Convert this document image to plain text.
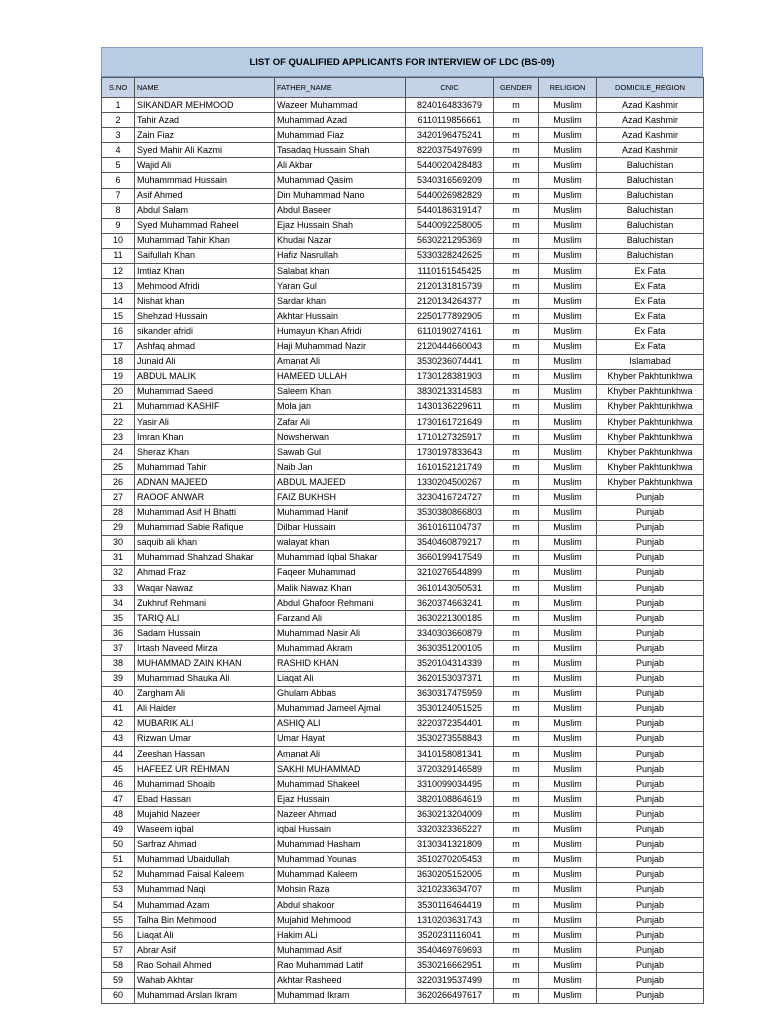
LIST OF QUALIFIED APPLICANTS FOR INTERVIEW OF LDC (BS-09)
S.NO	NAME	FATHER_NAME	CNIC	GENDER	RELIGION	DOMICILE_REGION
1	SIKANDAR MEHMOOD	Wazeer Muhammad	8240164833679	m	Muslim	Azad Kashmir
2	Tahir Azad	Muhammad Azad	6110119856661	m	Muslim	Azad Kashmir
3	Zain Fiaz	Muhammad Fiaz	3420196475241	m	Muslim	Azad Kashmir
4	Syed Mahir Ali Kazmi	Tasadaq Hussain Shah	8220375497699	m	Muslim	Azad Kashmir
5	Wajid Ali	Ali Akbar	5440020428483	m	Muslim	Baluchistan
6	Muhammmad Hussain	Muhammad Qasim	5340316569209	m	Muslim	Baluchistan
7	Asif Ahmed	Din Muhammad Nano	5440026982829	m	Muslim	Baluchistan
8	Abdul Salam	Abdul Baseer	5440186319147	m	Muslim	Baluchistan
9	Syed Muhammad Raheel	Ejaz Hussain Shah	5440092258005	m	Muslim	Baluchistan
10	Muhammad Tahir Khan	Khudai Nazar	5630221295369	m	Muslim	Baluchistan
11	Saifullah Khan	Hafiz Nasrullah	5330328242625	m	Muslim	Baluchistan
12	Imtiaz Khan	Salabat khan	1110151545425	m	Muslim	Ex Fata
13	Mehmood Afridi	Yaran Gul	2120131815739	m	Muslim	Ex Fata
14	Nishat khan	Sardar khan	2120134264377	m	Muslim	Ex Fata
15	Shehzad Hussain	Akhtar Hussain	2250177892905	m	Muslim	Ex Fata
16	sikander afridi	Humayun Khan Afridi	6110190274161	m	Muslim	Ex Fata
17	Ashfaq ahmad	Haji Muhammad Nazir	2120444660043	m	Muslim	Ex Fata
18	Junaid Ali	Amanat Ali	3530236074441	m	Muslim	Islamabad
19	ABDUL MALIK	HAMEED ULLAH	1730128381903	m	Muslim	Khyber Pakhtunkhwa
20	Muhammad Saeed	Saleem Khan	3830213314583	m	Muslim	Khyber Pakhtunkhwa
21	Muhammad KASHIF	Mola jan	1430136229611	m	Muslim	Khyber Pakhtunkhwa
22	Yasir Ali	Zafar Ali	1730161721649	m	Muslim	Khyber Pakhtunkhwa
23	Imran Khan	Nowsherwan	1710127325917	m	Muslim	Khyber Pakhtunkhwa
24	Sheraz Khan	Sawab Gul	1730197833643	m	Muslim	Khyber Pakhtunkhwa
25	Muhammad Tahir	Naib Jan	1610152121749	m	Muslim	Khyber Pakhtunkhwa
26	ADNAN MAJEED	ABDUL MAJEED	1330204500267	m	Muslim	Khyber Pakhtunkhwa
27	RAOOF ANWAR	FAIZ BUKHSH	3230416724727	m	Muslim	Punjab
28	Muhammad Asif H Bhatti	Muhammad Hanif	3530380866803	m	Muslim	Punjab
29	Muhammad Sabie Rafique	Dilbar Hussain	3610161104737	m	Muslim	Punjab
30	saquib ali khan	walayat khan	3540460879217	m	Muslim	Punjab
31	Muhammad Shahzad Shakar	Muhammad Iqbal Shakar	3660199417549	m	Muslim	Punjab
32	Ahmad Fraz	Faqeer Muhammad	3210276544899	m	Muslim	Punjab
33	Waqar Nawaz	Malik Nawaz Khan	3610143050531	m	Muslim	Punjab
34	Zukhruf Rehmani	Abdul Ghafoor Rehmani	3620374663241	m	Muslim	Punjab
35	TARIQ ALI	Farzand Ali	3630221300185	m	Muslim	Punjab
36	Sadam Hussain	Muhammad Nasir Ali	3340303660879	m	Muslim	Punjab
37	Irtash Naveed Mirza	Muhammad Akram	3630351200105	m	Muslim	Punjab
38	MUHAMMAD ZAIN KHAN	RASHID KHAN	3520104314339	m	Muslim	Punjab
39	Muhammad Shauka Ali	Liaqat Ali	3620153037371	m	Muslim	Punjab
40	Zargham Ali	Ghulam Abbas	3630317475959	m	Muslim	Punjab
41	Ali Haider	Muhammad Jameel Ajmal	3530124051525	m	Muslim	Punjab
42	MUBARIK ALI	ASHIQ ALI	3220372354401	m	Muslim	Punjab
43	Rizwan Umar	Umar Hayat	3530273558843	m	Muslim	Punjab
44	Zeeshan Hassan	Amanat Ali	3410158081341	m	Muslim	Punjab
45	HAFEEZ UR REHMAN	SAKHI MUHAMMAD	3720329146589	m	Muslim	Punjab
46	Muhammad Shoaib	Muhammad Shakeel	3310099034495	m	Muslim	Punjab
47	Ebad Hassan	Ejaz Hussain	3820108864619	m	Muslim	Punjab
48	Mujahid Nazeer	Nazeer Ahmad	3630213204009	m	Muslim	Punjab
49	Waseem iqbal	iqbal Hussain	3320323365227	m	Muslim	Punjab
50	Sarfraz Ahmad	Muhammad Hasham	3130341321809	m	Muslim	Punjab
51	Muhammad Ubaidullah	Muhammad Younas	3510270205453	m	Muslim	Punjab
52	Muhammad Faisal Kaleem	Muhammad Kaleem	3630205152005	m	Muslim	Punjab
53	Muhammad Naqi	Mohsin Raza	3210233634707	m	Muslim	Punjab
54	Muhammad Azam	Abdul shakoor	3530116464419	m	Muslim	Punjab
55	Talha Bin Mehmood	Mujahid Mehmood	1310203631743	m	Muslim	Punjab
56	Liaqat Ali	Hakim ALi	3520231116041	m	Muslim	Punjab
57	Abrar Asif	Muhammad Asif	3540469769693	m	Muslim	Punjab
58	Rao Sohail Ahmed	Rao Muhammad Latif	3530216662951	m	Muslim	Punjab
59	Wahab Akhtar	Akhtar Rasheed	3220319537499	m	Muslim	Punjab
60	Muhammad Arslan Ikram	Muhammad Ikram	3620266497617	m	Muslim	Punjab
